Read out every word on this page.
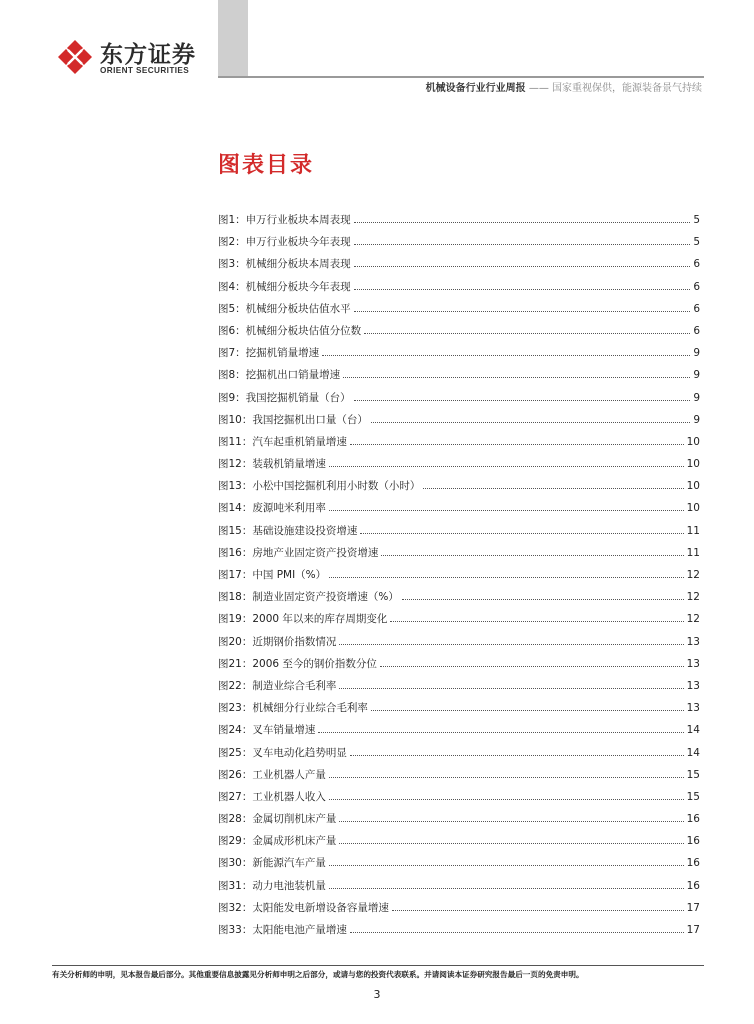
东方证券
ORIENT SECURITIES
机械设备行业行业周报 —— 国家重视保供，能源装备景气持续
图表目录
图1：申万行业板块本周表现	5
图2：申万行业板块今年表现	5
图3：机械细分板块本周表现	6
图4：机械细分板块今年表现	6
图5：机械细分板块估值水平	6
图6：机械细分板块估值分位数	6
图7：挖掘机销量增速	9
图8：挖掘机出口销量增速	9
图9：我国挖掘机销量（台）	9
图10：我国挖掘机出口量（台）	9
图11：汽车起重机销量增速	10
图12：装载机销量增速	10
图13：小松中国挖掘机利用小时数（小时）	10
图14：废源吨米利用率	10
图15：基础设施建设投资增速	11
图16：房地产业固定资产投资增速	11
图17：中国 PMI（%）	12
图18：制造业固定资产投资增速（%）	12
图19：2000 年以来的库存周期变化	12
图20：近期钢价指数情况	13
图21：2006 至今的钢价指数分位	13
图22：制造业综合毛利率	13
图23：机械细分行业综合毛利率	13
图24：叉车销量增速	14
图25：叉车电动化趋势明显	14
图26：工业机器人产量	15
图27：工业机器人收入	15
图28：金属切削机床产量	16
图29：金属成形机床产量	16
图30：新能源汽车产量	16
图31：动力电池装机量	16
图32：太阳能发电新增设备容量增速	17
图33：太阳能电池产量增速	17
有关分析师的申明，见本报告最后部分。其他重要信息披露见分析师申明之后部分，或请与您的投资代表联系。并请阅读本证券研究报告最后一页的免责申明。
3
